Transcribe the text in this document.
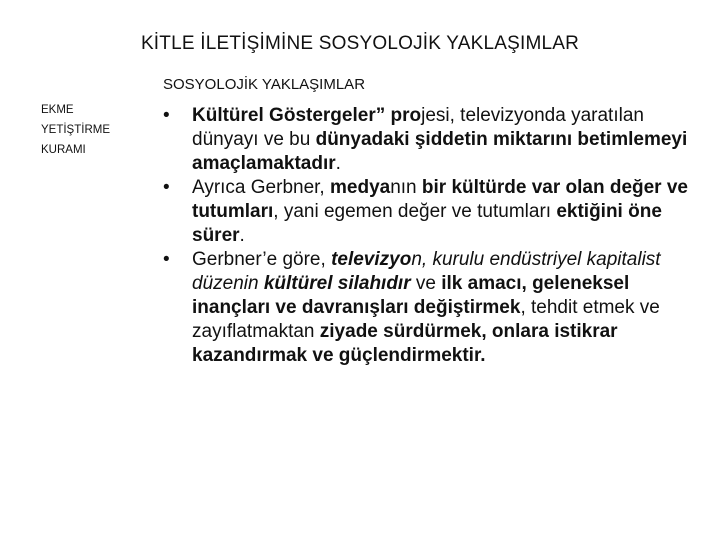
KİTLE İLETİŞİMİNE SOSYOLOJİK YAKLAŞIMLAR
EKME
YETİŞTİRME
KURAMI
SOSYOLOJİK YAKLAŞIMLAR
• Kültürel Göstergeler” projesi, televizyonda yaratılan dünyayı ve bu dünyadaki şiddetin miktarını betimlemeyi amaçlamaktadır.
• Ayrıca Gerbner, medyanın bir kültürde var olan değer ve tutumları, yani egemen değer ve tutumları ektiğini öne sürer.
• Gerbner’e göre, televizyon, kurulu endüstriyel kapitalist düzenin kültürel silahıdır ve ilk amacı, geleneksel inançları ve davranışları değiştirmek, tehdit etmek ve zayıflatmaktan ziyade sürdürmek, onlara istikrar kazandırmak ve güçlendirmektir.
